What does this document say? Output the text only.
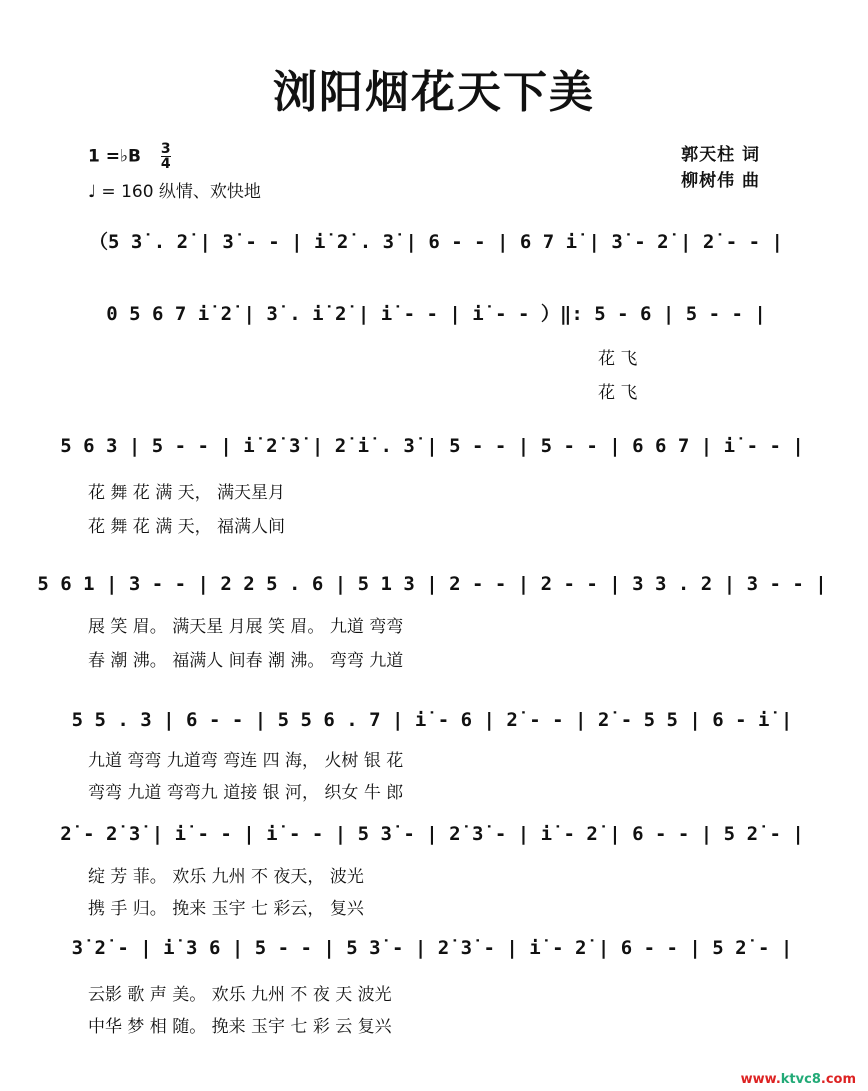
浏阳烟花天下美
1 =♭B $\frac{3}{4}$
♩ = 160 纵情、欢快地
郭天柱 词
柳树伟 曲
（5 3̇ . 2̇ | 3̇ - - | i̇ 2̇ . 3̇ | 6 - - | 6 7 i̇ | 3̇ - 2̇ | 2̇ - - |
0 5 6 7 i̇ 2̇ | 3̇ . i̇ 2̇ | i̇ - - | i̇ - - ）‖: 5 - 6 | 5 - - |
花 飞
花 飞
5 6 3 | 5 - - | i̇ 2̇ 3̇ | 2̇ i̇ . 3̇ | 5 - - | 5 - - | 6 6 7 | i̇ - - |
花 舞 花 满 天， 满天星月
花 舞 花 满 天， 福满人间
5 6 1 | 3 - - | 2 2 5 . 6 | 5 1 3 | 2 - - | 2 - - | 3 3 . 2 | 3 - - |
展 笑 眉。 满天星 月展 笑 眉。 九道 弯弯
春 潮 沸。 福满人 间春 潮 沸。 弯弯 九道
5 5 . 3 | 6 - - | 5 5 6 . 7 | i̇ - 6 | 2̇ - - | 2̇ - 5 5 | 6 - i̇ |
九道 弯弯 九道弯 弯连 四 海， 火树 银 花
弯弯 九道 弯弯九 道接 银 河， 织女 牛 郎
2̇ - 2̇ 3̇ | i̇ - - | i̇ - - | 5 3̇ - | 2̇ 3̇ - | i̇ - 2̇ | 6 - - | 5 2̇ - |
绽 芳 菲。 欢乐 九州 不 夜天， 波光
携 手 归。 挽来 玉宇 七 彩云， 复兴
3̇ 2̇ - | i̇ 3 6 | 5 - - | 5 3̇ - | 2̇ 3̇ - | i̇ - 2̇ | 6 - - | 5 2̇ - |
云影 歌 声 美。 欢乐 九州 不 夜 天 波光
中华 梦 相 随。 挽来 玉宇 七 彩 云 复兴
www.ktvc8.com
